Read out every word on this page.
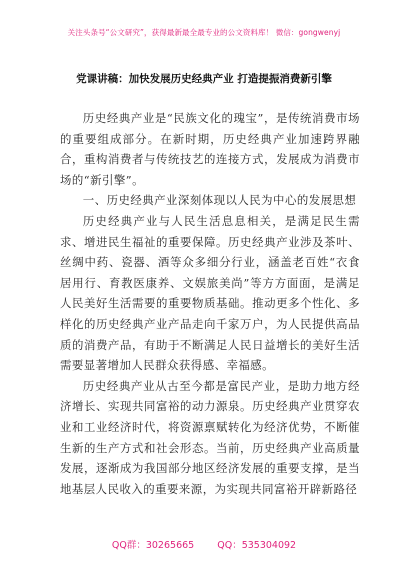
关注头条号“公文研究”，获得最新最全最专业的公文资料库！ 微信：gongwenyj
党课讲稿：加快发展历史经典产业 打造提振消费新引擎

历史经典产业是“民族文化的瑰宝”，是传统消费市场的重要组成部分。在新时期，历史经典产业加速跨界融合，重构消费者与传统技艺的连接方式，发展成为消费市场的“新引擎”。

一、历史经典产业深刻体现以人民为中心的发展思想

历史经典产业与人民生活息息相关，是满足民生需求、增进民生福祉的重要保障。历史经典产业涉及茶叶、丝绸中药、瓷器、酒等众多细分行业，涵盖老百姓“衣食居用行、育教医康养、文娱旅美尚”等方方面面，是满足人民美好生活需要的重要物质基础。推动更多个性化、多样化的历史经典产业产品走向千家万户，为人民提供高品质的消费产品，有助于不断满足人民日益增长的美好生活需要显著增加人民群众获得感、幸福感。

历史经典产业从古至今都是富民产业，是助力地方经济增长、实现共同富裕的动力源泉。历史经典产业贯穿农业和工业经济时代，将资源禀赋转化为经济优势，不断催生新的生产方式和社会形态。当前，历史经典产业高质量发展，逐渐成为我国部分地区经济发展的重要支撑，是当地基层人民收入的重要来源，为实现共同富裕开辟新路径

QQ群：30265665 QQ：535304092
